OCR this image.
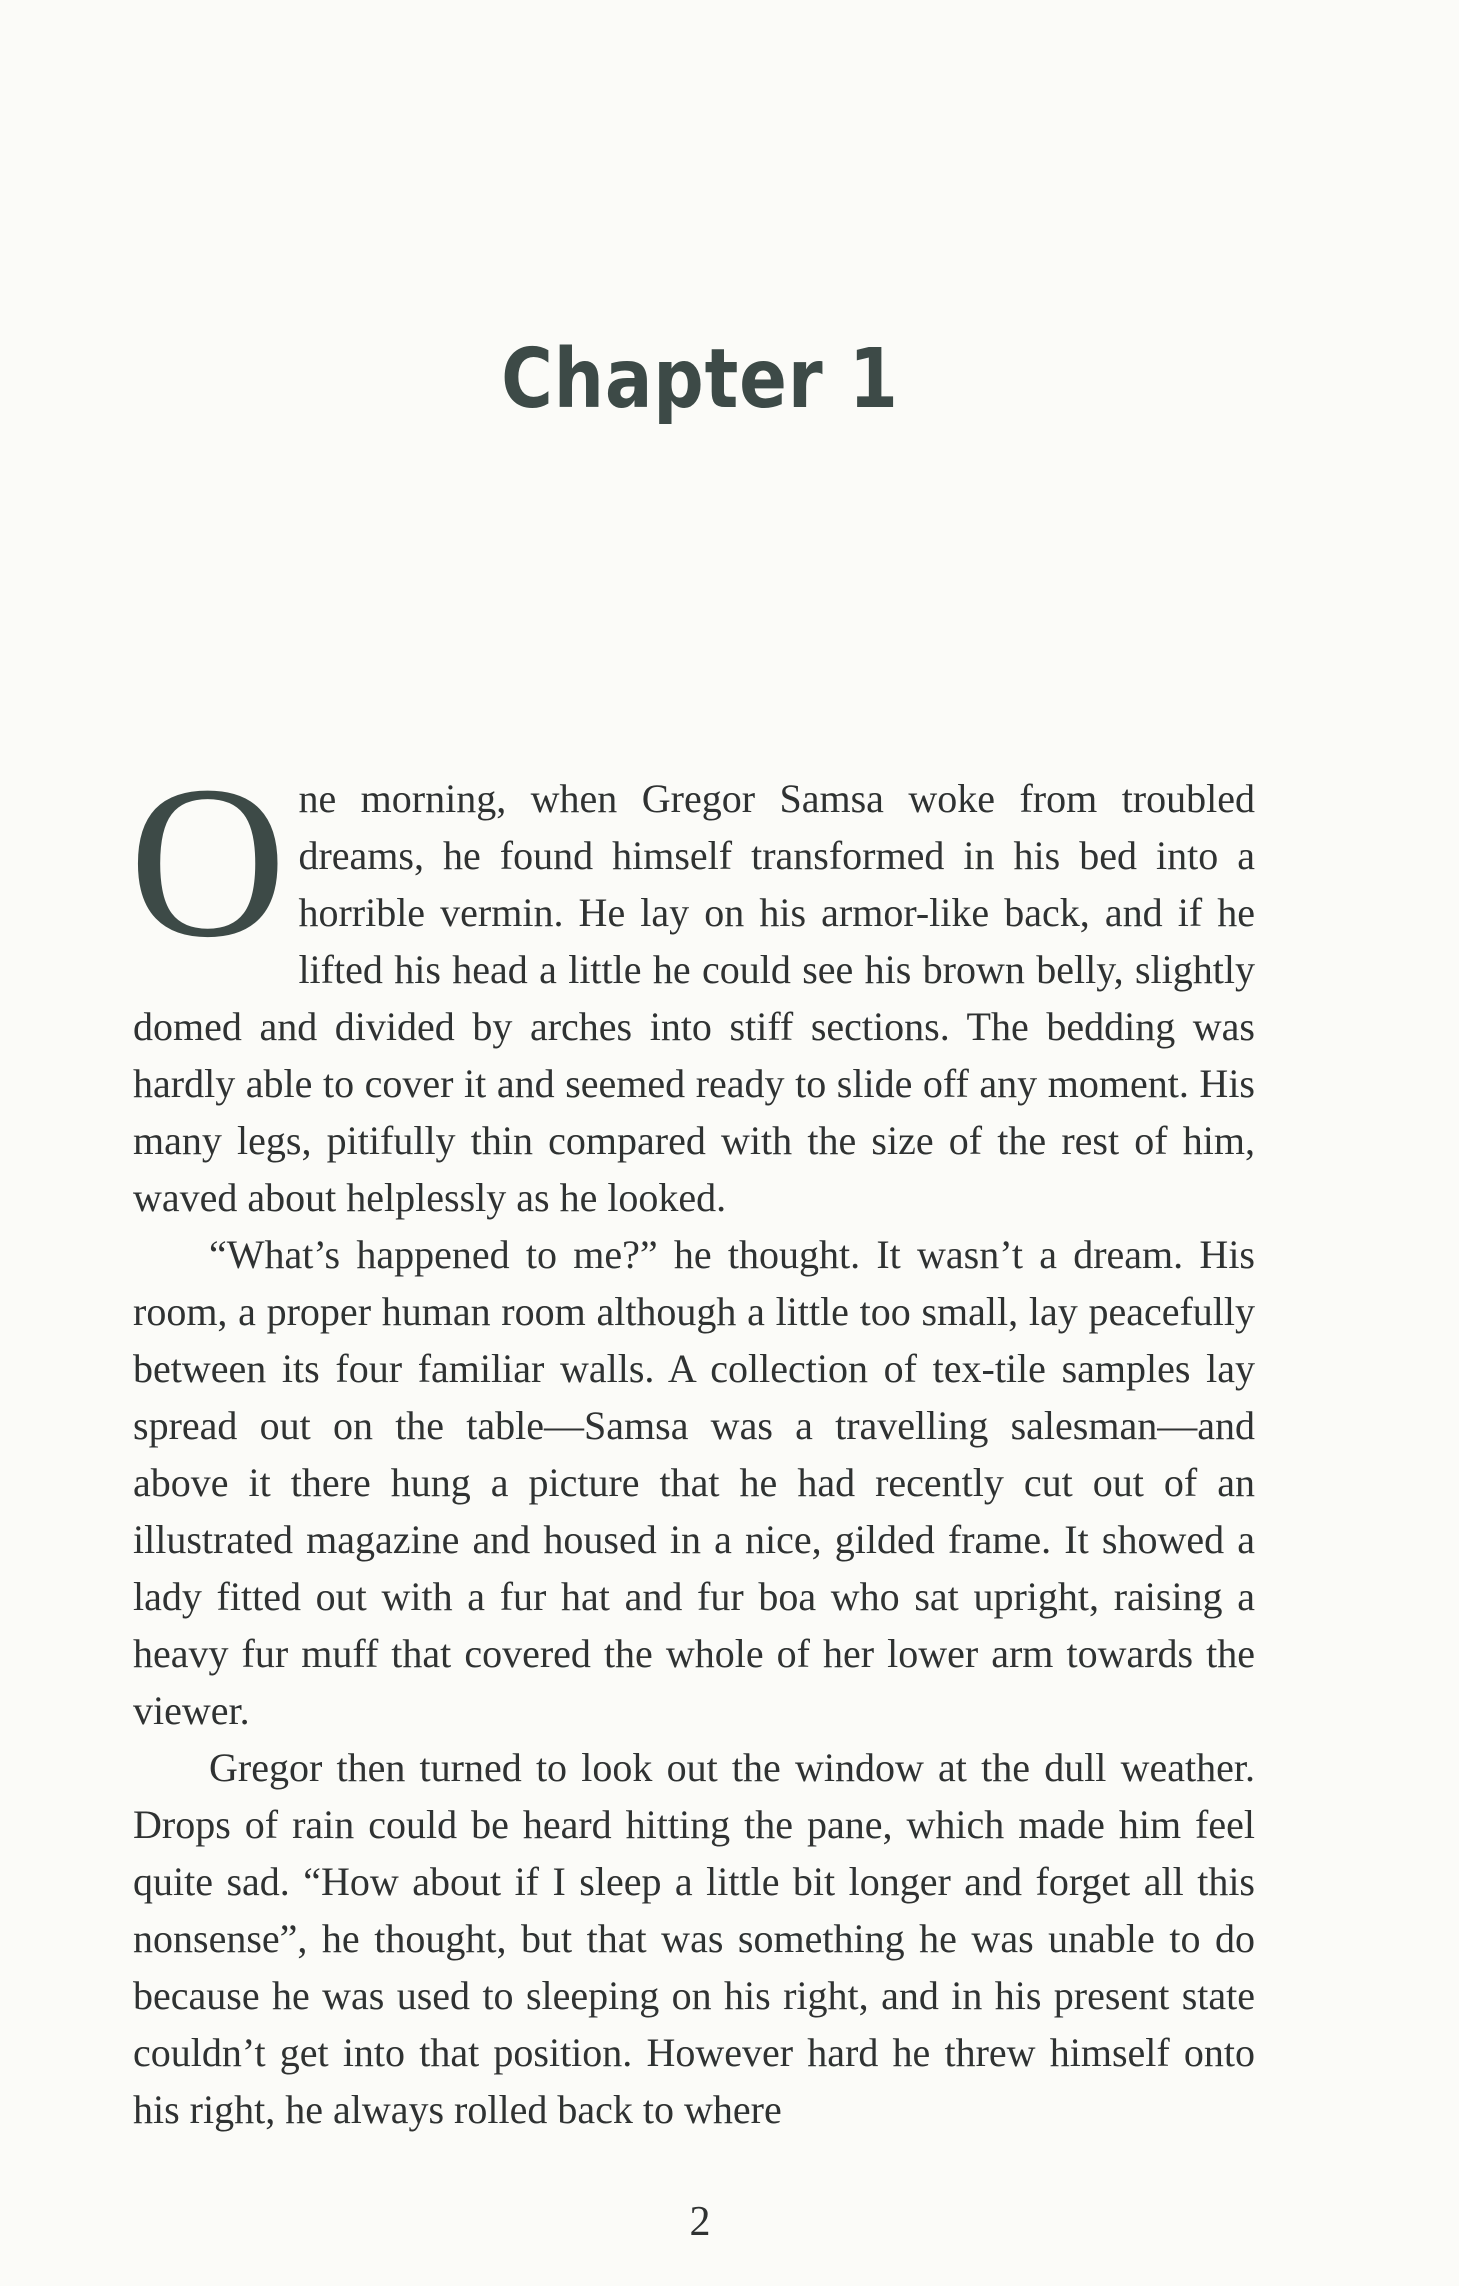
Chapter 1

One morning, when Gregor Samsa woke from troubled dreams, he found himself transformed in his bed into a horrible vermin. He lay on his armor-like back, and if he lifted his head a little he could see his brown belly, slightly domed and divided by arches into stiff sections. The bedding was hardly able to cover it and seemed ready to slide off any moment. His many legs, pitifully thin compared with the size of the rest of him, waved about helplessly as he looked.

“What’s happened to me?” he thought. It wasn’t a dream. His room, a proper human room although a little too small, lay peacefully between its four familiar walls. A collection of tex-tile samples lay spread out on the table—Samsa was a travelling salesman—and above it there hung a picture that he had recently cut out of an illustrated magazine and housed in a nice, gilded frame. It showed a lady fitted out with a fur hat and fur boa who sat upright, raising a heavy fur muff that covered the whole of her lower arm towards the viewer.

Gregor then turned to look out the window at the dull weather. Drops of rain could be heard hitting the pane, which made him feel quite sad. “How about if I sleep a little bit longer and forget all this nonsense”, he thought, but that was something he was unable to do because he was used to sleeping on his right, and in his present state couldn’t get into that position. However hard he threw himself onto his right, he always rolled back to where

2
